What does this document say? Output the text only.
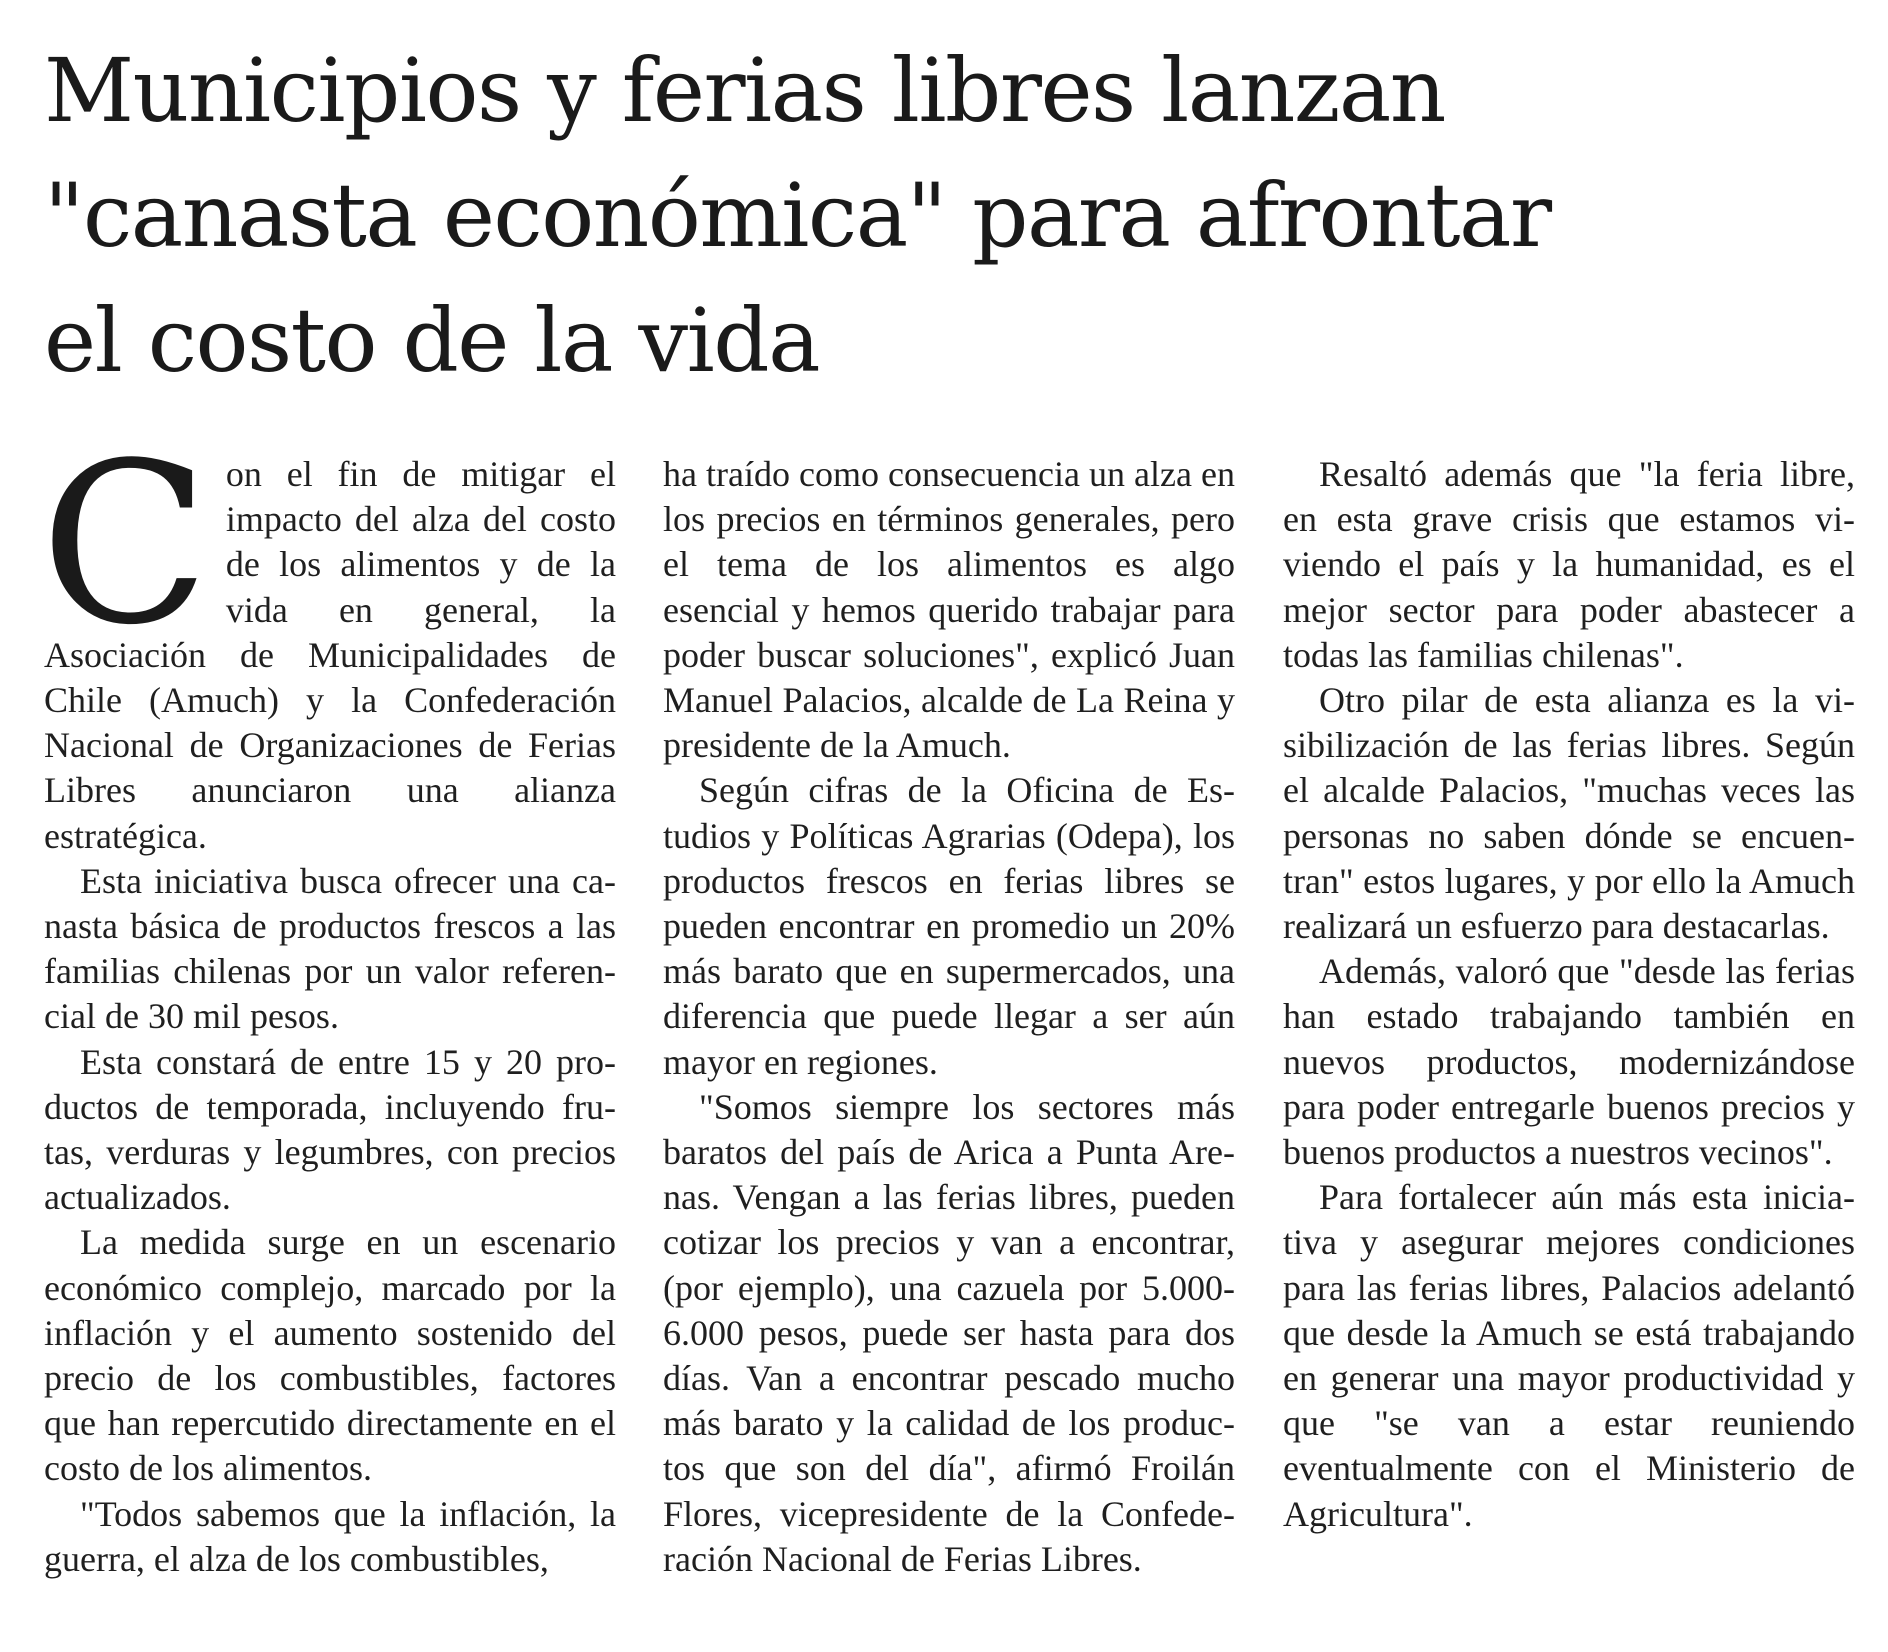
Municipios y ferias libres lanzan
"canasta económica" para afrontar
el costo de la vida
C on el fin de mitigar el impacto del alza del costo de los alimentos y de la vida en general, la Asociación de Municipalidades de Chile (Amuch) y la Confederación Nacional de Organizaciones de Ferias Libres anunciaron una alianza estratégica.

Esta iniciativa busca ofrecer una canasta básica de productos frescos a las familias chilenas por un valor referencial de 30 mil pesos.

Esta constará de entre 15 y 20 productos de temporada, incluyendo frutas, verduras y legumbres, con precios actualizados.

La medida surge en un escenario económico complejo, marcado por la inflación y el aumento sostenido del precio de los combustibles, factores que han repercutido directamente en el costo de los alimentos.

"Todos sabemos que la inflación, la guerra, el alza de los combustibles,

ha traído como consecuencia un alza en los precios en términos generales, pero el tema de los alimentos es algo esencial y hemos querido trabajar para poder buscar soluciones", explicó Juan Manuel Palacios, alcalde de La Reina y presidente de la Amuch.

Según cifras de la Oficina de Estudios y Políticas Agrarias (Odepa), los productos frescos en ferias libres se pueden encontrar en promedio un 20% más barato que en supermercados, una diferencia que puede llegar a ser aún mayor en regiones.

"Somos siempre los sectores más baratos del país de Arica a Punta Arenas. Vengan a las ferias libres, pueden cotizar los precios y van a encontrar, (por ejemplo), una cazuela por 5.000-6.000 pesos, puede ser hasta para dos días. Van a encontrar pescado mucho más barato y la calidad de los productos que son del día", afirmó Froilán Flores, vicepresidente de la Confederación Nacional de Ferias Libres.

Resaltó además que "la feria libre, en esta grave crisis que estamos viviendo el país y la humanidad, es el mejor sector para poder abastecer a todas las familias chilenas".

Otro pilar de esta alianza es la visibilización de las ferias libres. Según el alcalde Palacios, "muchas veces las personas no saben dónde se encuentran" estos lugares, y por ello la Amuch realizará un esfuerzo para destacarlas.

Además, valoró que "desde las ferias han estado trabajando también en nuevos productos, modernizándose para poder entregarle buenos precios y buenos productos a nuestros vecinos".

Para fortalecer aún más esta iniciativa y asegurar mejores condiciones para las ferias libres, Palacios adelantó que desde la Amuch se está trabajando en generar una mayor productividad y que "se van a estar reuniendo eventualmente con el Ministerio de Agricultura".
